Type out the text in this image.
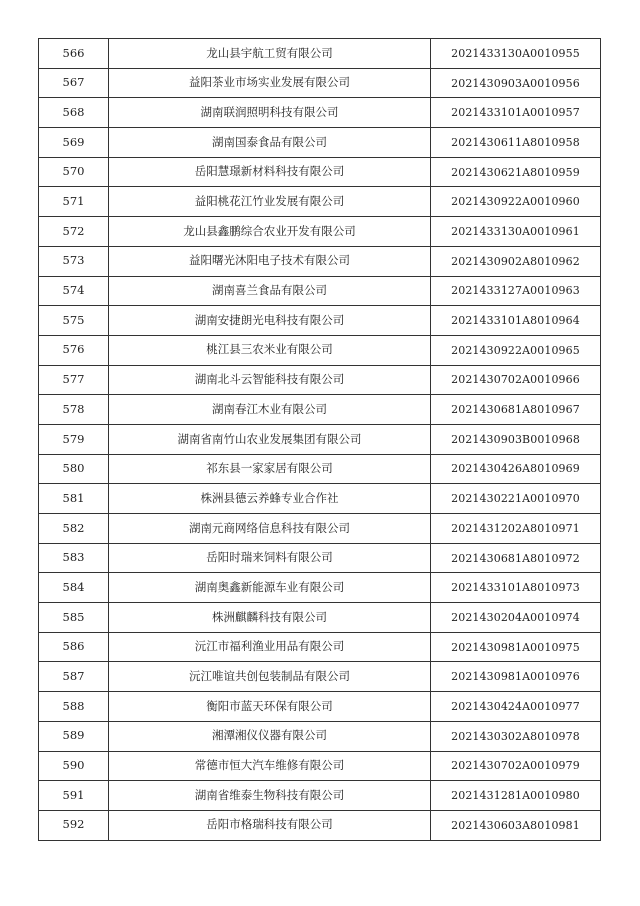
566	龙山县宇航工贸有限公司	2021433130A0010955
567	益阳茶业市场实业发展有限公司	2021430903A0010956
568	湖南联润照明科技有限公司	2021433101A0010957
569	湖南国泰食品有限公司	2021430611A8010958
570	岳阳慧璟新材料科技有限公司	2021430621A8010959
571	益阳桃花江竹业发展有限公司	2021430922A0010960
572	龙山县鑫鹏综合农业开发有限公司	2021433130A0010961
573	益阳曙光沐阳电子技术有限公司	2021430902A8010962
574	湖南喜兰食品有限公司	2021433127A0010963
575	湖南安捷朗光电科技有限公司	2021433101A8010964
576	桃江县三农米业有限公司	2021430922A0010965
577	湖南北斗云智能科技有限公司	2021430702A0010966
578	湖南春江木业有限公司	2021430681A8010967
579	湖南省南竹山农业发展集团有限公司	2021430903B0010968
580	祁东县一家家居有限公司	2021430426A8010969
581	株洲县德云养蜂专业合作社	2021430221A0010970
582	湖南元商网络信息科技有限公司	2021431202A8010971
583	岳阳时瑞来饲料有限公司	2021430681A8010972
584	湖南奥鑫新能源车业有限公司	2021433101A8010973
585	株洲麒麟科技有限公司	2021430204A0010974
586	沅江市福利渔业用品有限公司	2021430981A0010975
587	沅江唯谊共创包装制品有限公司	2021430981A0010976
588	衡阳市蓝天环保有限公司	2021430424A0010977
589	湘潭湘仪仪器有限公司	2021430302A8010978
590	常德市恒大汽车维修有限公司	2021430702A0010979
591	湖南省维泰生物科技有限公司	2021431281A0010980
592	岳阳市格瑞科技有限公司	2021430603A8010981
